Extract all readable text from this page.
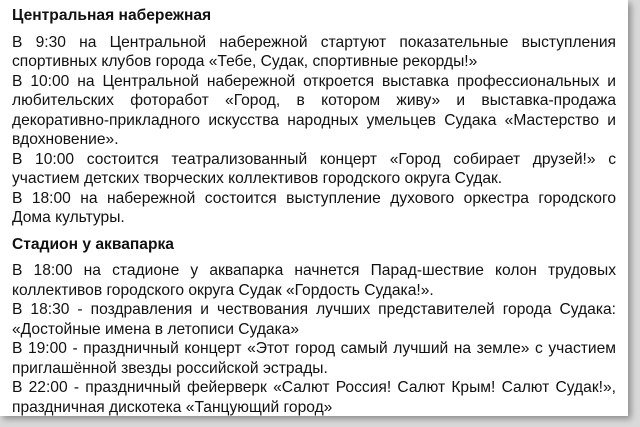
Центральная набережная

В 9:30 на Центральной набережной стартуют показательные выступления спортивных клубов города «Тебе, Судак, спортивные рекорды!»

В 10:00 на Центральной набережной откроется выставка профессиональных и любительских фоторабот «Город, в котором живу» и выставка-продажа декоративно-прикладного искусства народных умельцев Судака «Мастерство и вдохновение».

В 10:00 состоится театрализованный концерт «Город собирает друзей!» с участием детских творческих коллективов городского округа Судак.

В 18:00 на набережной состоится выступление духового оркестра городского Дома культуры.

Стадион у аквапарка

В 18:00 на стадионе у аквапарка начнется Парад-шествие колон трудовых коллективов городского округа Судак «Гордость Судака!».

В 18:30 - поздравления и чествования лучших представителей города Судака: «Достойные имена в летописи Судака»

В 19:00 - праздничный концерт «Этот город самый лучший на земле» с участием приглашённой звезды российской эстрады.

В 22:00 - праздничный фейерверк «Салют Россия! Салют Крым! Салют Судак!», праздничная дискотека «Танцующий город»
